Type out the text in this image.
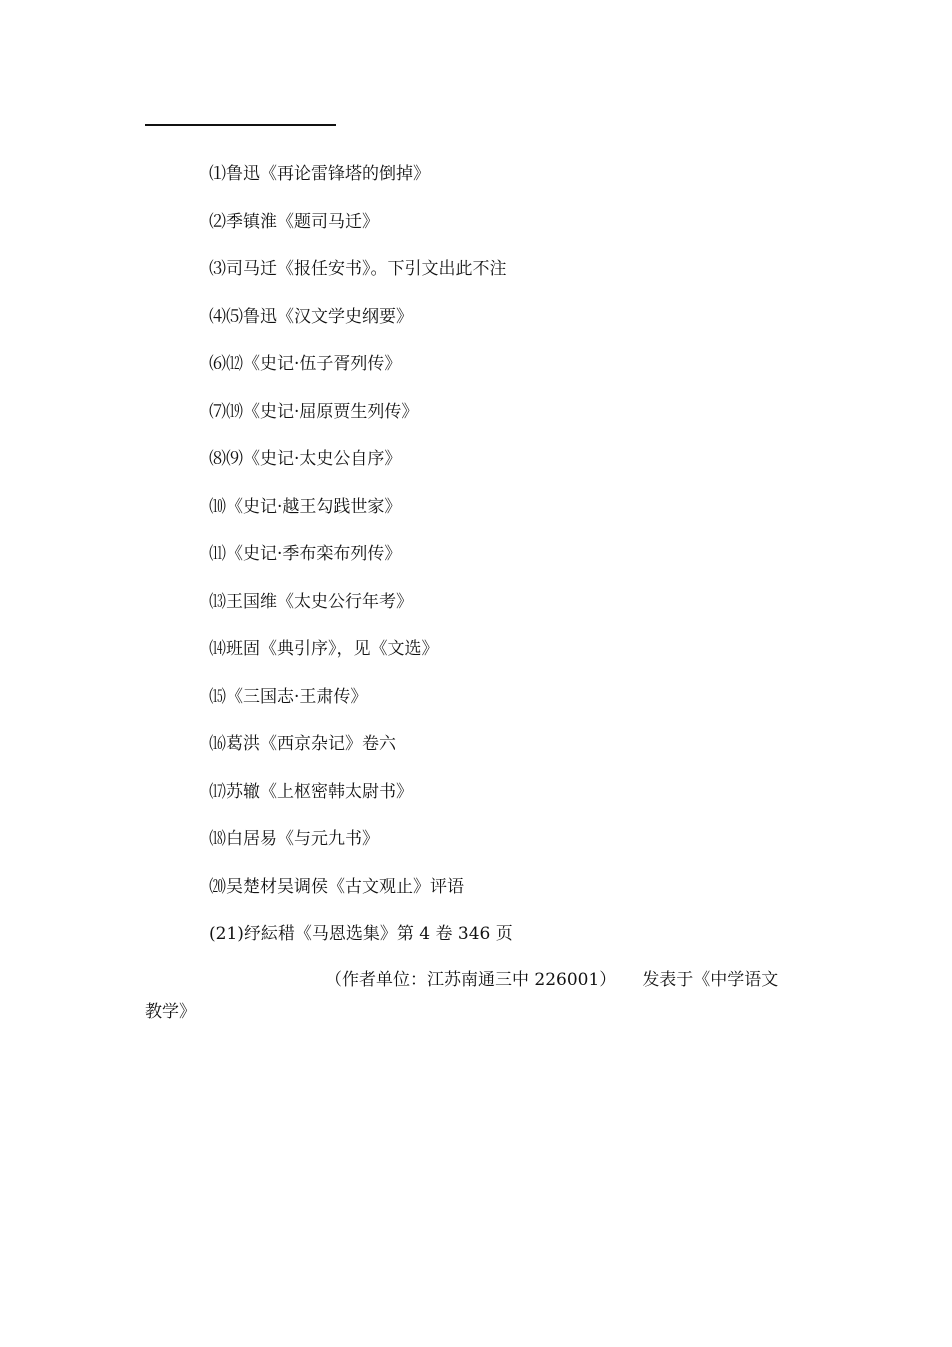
⑴鲁迅《再论雷锋塔的倒掉》
⑵季镇淮《题司马迁》
⑶司马迁《报任安书》。下引文出此不注
⑷⑸鲁迅《汉文学史纲要》
⑹⑿《史记·伍子胥列传》
⑺⒆《史记·屈原贾生列传》
⑻⑼《史记·太史公自序》
⑽《史记·越王勾践世家》
⑾《史记·季布栾布列传》
⒀王国维《太史公行年考》
⒁班固《典引序》，见《文选》
⒂《三国志·王肃传》
⒃葛洪《西京杂记》卷六
⒄苏辙《上枢密韩太尉书》
⒅白居易《与元九书》
⒇吴楚材吴调侯《古文观止》评语
(21)纾紜稓《马恩选集》第 4 卷 346 页
（作者单位：江苏南通三中 226001） 发表于《中学语文
教学》
